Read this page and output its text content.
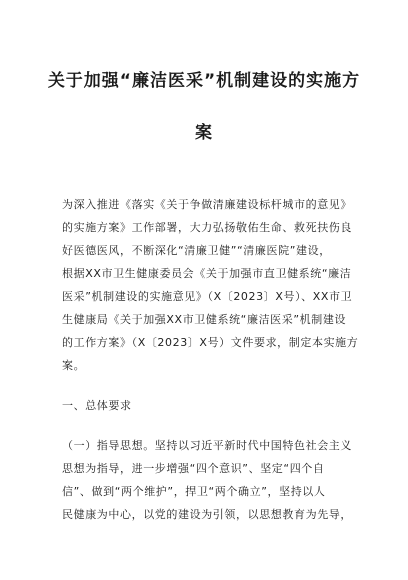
关于加强“廉洁医采”机制建设的实施方
案
为深入推进《落实《关于争做清廉建设标杆城市的意见》
的实施方案》工作部署，大力弘扬敬佑生命、救死扶伤良
好医德医风，不断深化“清廉卫健”“清廉医院”建设，
根据XX市卫生健康委员会《关于加强市直卫健系统“廉洁
医采”机制建设的实施意见》（X〔2023〕X号）、XX市卫
生健康局《关于加强XX市卫健系统“廉洁医采”机制建设
的工作方案》（X〔2023〕X号）文件要求，制定本实施方
案。
一、总体要求
（一）指导思想。坚持以习近平新时代中国特色社会主义
思想为指导，进一步增强“四个意识”、坚定“四个自
信”、做到“两个维护”，捍卫“两个确立”，坚持以人
民健康为中心，以党的建设为引领，以思想教育为先导，
